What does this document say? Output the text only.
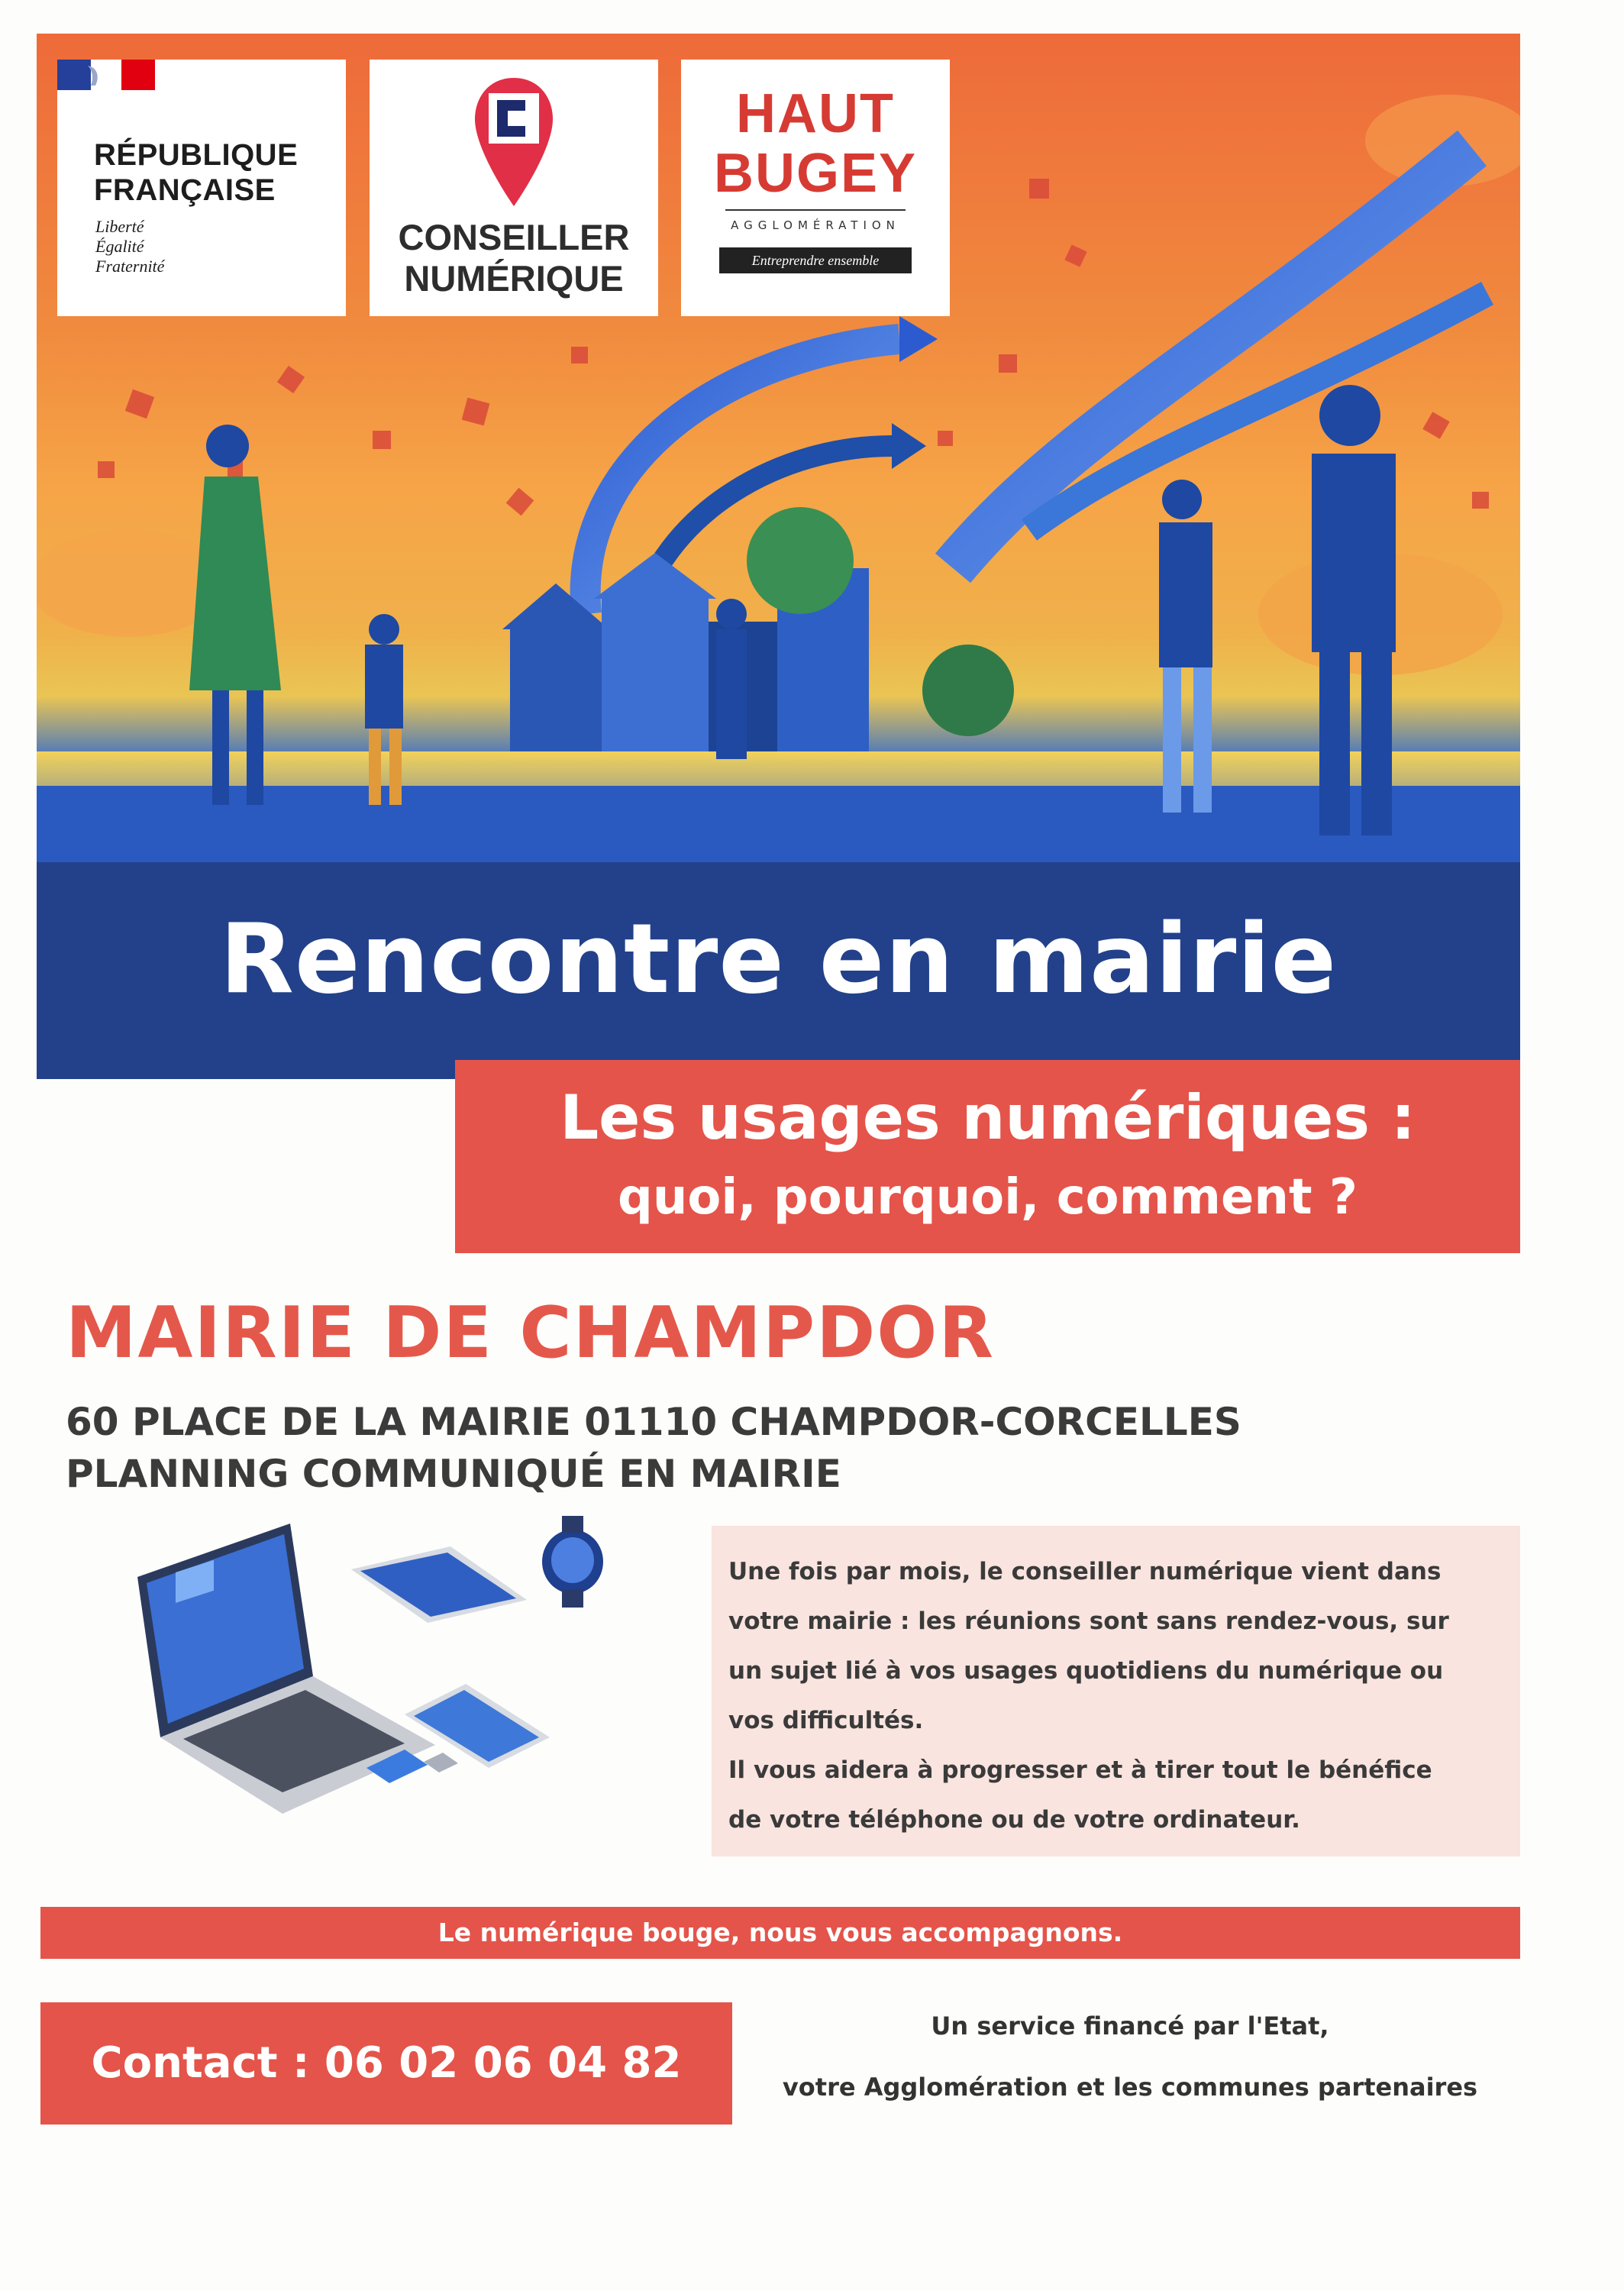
RÉPUBLIQUE
FRANÇAISE
Liberté
Égalité
Fraternité
CONSEILLER
NUMÉRIQUE
HAUT
BUGEY
AGGLOMÉRATION
Entreprendre ensemble
Rencontre en mairie
Les usages numériques :
quoi, pourquoi, comment ?
MAIRIE DE CHAMPDOR
60 PLACE DE LA MAIRIE 01110 CHAMPDOR-CORCELLES
PLANNING COMMUNIQUÉ EN MAIRIE
Une fois par mois, le conseiller numérique vient dans
votre mairie : les réunions sont sans rendez-vous, sur
un sujet lié à vos usages quotidiens du numérique ou
vos difficultés.
Il vous aidera à progresser et à tirer tout le bénéfice
de votre téléphone ou de votre ordinateur.
Le numérique bouge, nous vous accompagnons.
Contact : 06 02 06 04 82
Un service financé par l'Etat,
votre Agglomération et les communes partenaires
